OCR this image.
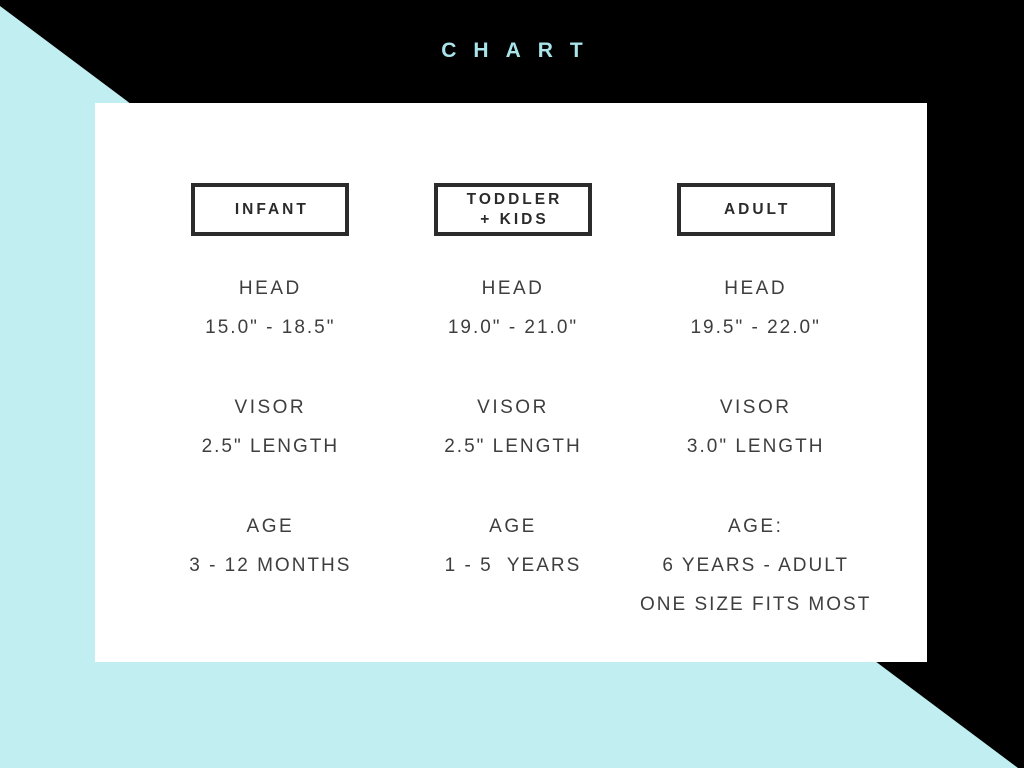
CHART
INFANT
HEAD
15.0" - 18.5"
VISOR
2.5" LENGTH
AGE
3 - 12 MONTHS
TODDLER
+ KIDS
HEAD
19.0" - 21.0"
VISOR
2.5" LENGTH
AGE
1 - 5  YEARS
ADULT
HEAD
19.5" - 22.0"
VISOR
3.0" LENGTH
AGE:
6 YEARS - ADULT
ONE SIZE FITS MOST
